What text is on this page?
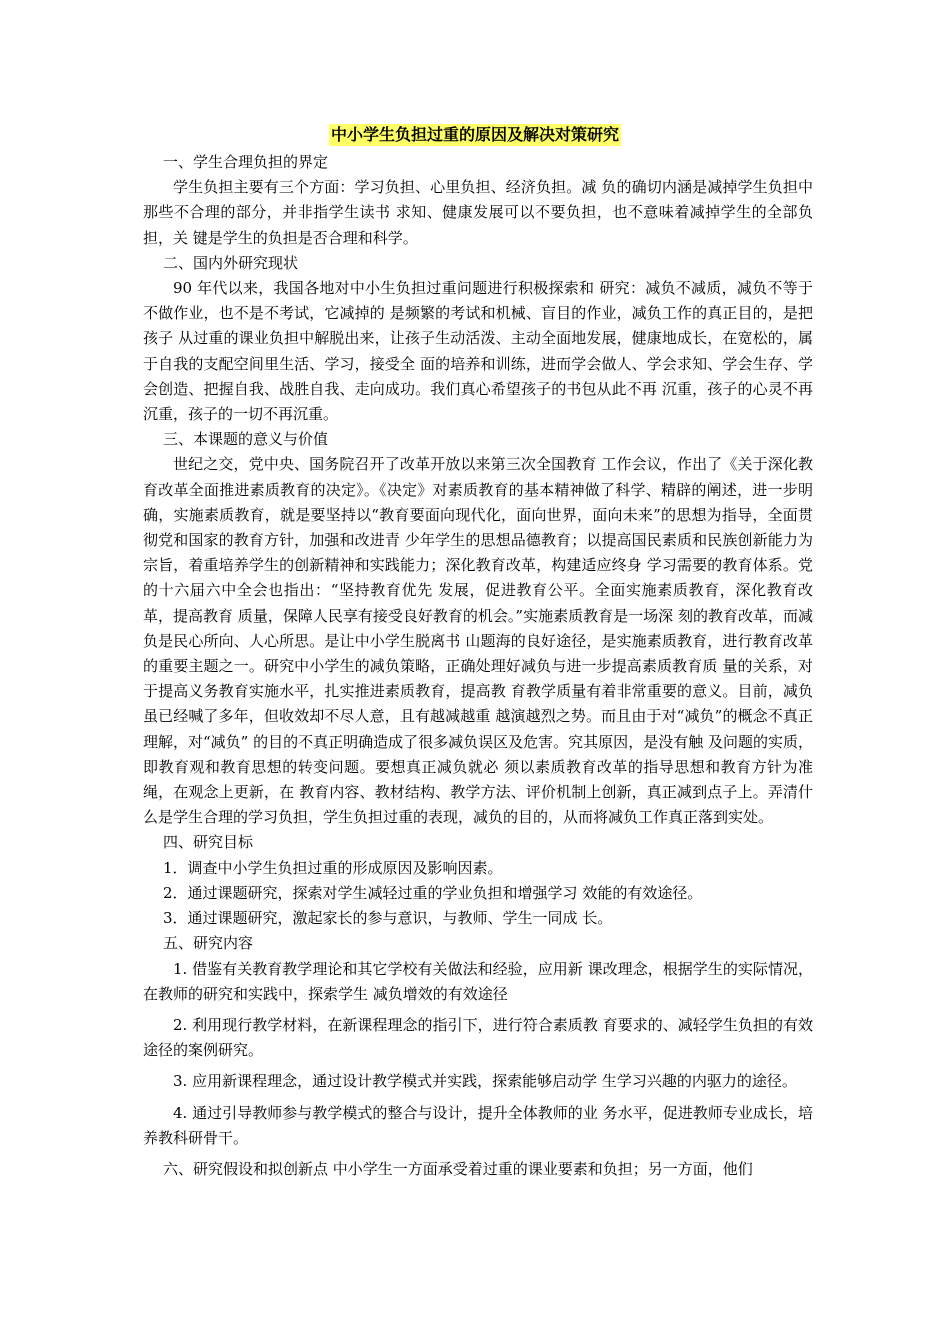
中小学生负担过重的原因及解决对策研究

一、学生合理负担的界定

学生负担主要有三个方面：学习负担、心里负担、经济负担。减 负的确切内涵是减掉学生负担中那些不合理的部分，并非指学生读书 求知、健康发展可以不要负担，也不意味着减掉学生的全部负担，关 键是学生的负担是否合理和科学。

二、国内外研究现状

90 年代以来，我国各地对中小生负担过重问题进行积极探索和 研究：减负不减质，减负不等于不做作业，也不是不考试，它减掉的 是频繁的考试和机械、盲目的作业，减负工作的真正目的，是把孩子 从过重的课业负担中解脱出来，让孩子生动活泼、主动全面地发展，健康地成长，在宽松的，属于自我的支配空间里生活、学习，接受全 面的培养和训练，进而学会做人、学会求知、学会生存、学会创造、把握自我、战胜自我、走向成功。我们真心希望孩子的书包从此不再 沉重，孩子的心灵不再沉重，孩子的一切不再沉重。

三、本课题的意义与价值

世纪之交，党中央、国务院召开了改革开放以来第三次全国教育 工作会议，作出了《关于深化教育改革全面推进素质教育的决定》。《决定》对素质教育的基本精神做了科学、精辟的阐述，进一步明确，实施素质教育，就是要坚持以“教育要面向现代化，面向世界，面向未来”的思想为指导，全面贯彻党和国家的教育方针，加强和改进青 少年学生的思想品德教育；以提高国民素质和民族创新能力为宗旨，着重培养学生的创新精神和实践能力；深化教育改革，构建适应终身 学习需要的教育体系。党的十六届六中全会也指出：“坚持教育优先 发展，促进教育公平。全面实施素质教育，深化教育改革，提高教育 质量，保障人民享有接受良好教育的机会。”实施素质教育是一场深 刻的教育改革，而减负是民心所向、人心所思。是让中小学生脱离书 山题海的良好途径，是实施素质教育，进行教育改革的重要主题之一。研究中小学生的减负策略，正确处理好减负与进一步提高素质教育质 量的关系，对于提高义务教育实施水平，扎实推进素质教育，提高教 育教学质量有着非常重要的意义。目前，减负虽已经喊了多年，但收效却不尽人意，且有越减越重 越演越烈之势。而且由于对“减负”的概念不真正理解，对“减负” 的目的不真正明确造成了很多减负误区及危害。究其原因，是没有触 及问题的实质，即教育观和教育思想的转变问题。要想真正减负就必 须以素质教育改革的指导思想和教育方针为准绳，在观念上更新，在 教育内容、教材结构、教学方法、评价机制上创新，真正减到点子上。弄清什么是学生合理的学习负担，学生负担过重的表现，减负的目的，从而将减负工作真正落到实处。

四、研究目标

1．调查中小学生负担过重的形成原因及影响因素。

2．通过课题研究，探索对学生减轻过重的学业负担和增强学习 效能的有效途径。

3．通过课题研究，激起家长的参与意识，与教师、学生一同成 长。

五、研究内容

1. 借鉴有关教育教学理论和其它学校有关做法和经验，应用新 课改理念，根据学生的实际情况，在教师的研究和实践中，探索学生 减负增效的有效途径

2. 利用现行教学材料，在新课程理念的指引下，进行符合素质教 育要求的、减轻学生负担的有效途径的案例研究。

3. 应用新课程理念，通过设计教学模式并实践，探索能够启动学 生学习兴趣的内驱力的途径。

4. 通过引导教师参与教学模式的整合与设计，提升全体教师的业 务水平，促进教师专业成长，培养教科研骨干。

六、研究假设和拟创新点 中小学生一方面承受着过重的课业要素和负担；另一方面，他们
